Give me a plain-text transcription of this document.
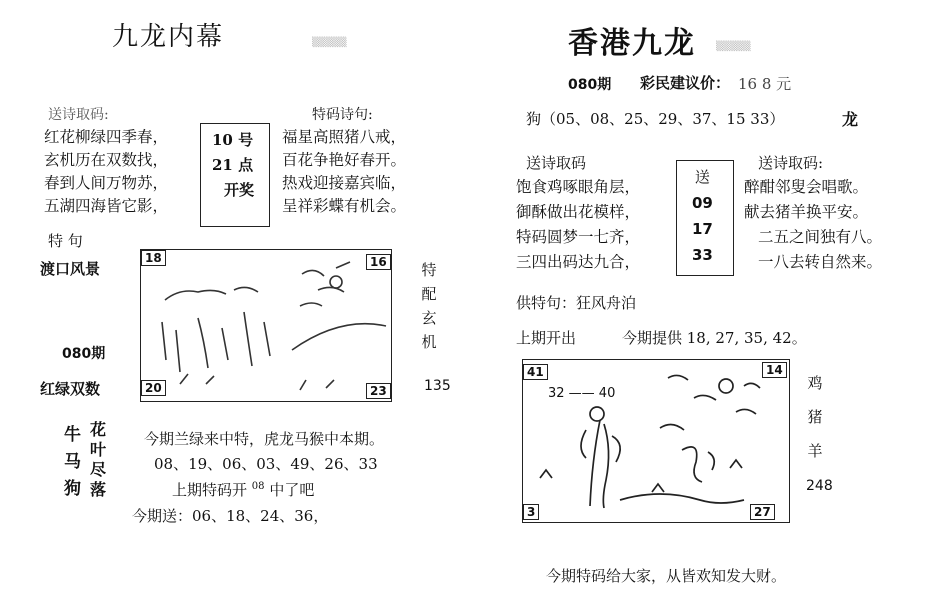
九龙内幕	▒▒▒▒▒
送诗取码:	特码诗句:
红花柳绿四季春，
玄机历在双数找，
春到人间万物苏，
五湖四海皆它影，
10 号
21 点
开奖
福星高照猪八戒，
百花争艳好春开。
热戏迎接嘉宾临，
呈祥彩蝶有机会。
特 句
渡口风景
080期
红绿双数
18	16
20	23
特
配
玄
机
135
牛
马
狗
花
叶
尽
落
今期兰绿来中特，虎龙马猴中本期。
08、19、06、03、49、26、33
上期特码开 $^{08}$ 中了吧
今期送：06、18、24、36，
香港九龙 ▒▒▒▒▒
080期 彩民建议价： 16 8 元
狗（05、08、25、29、37、15 33）	龙
送诗取码	送诗取码:
饱食鸡啄眼角层，
御酥做出花模样，
特码圆梦一七齐，
三四出码达九合，
送
09
17
33
醉酣邻叟会唱歌。
献去猪羊换平安。
二五之间独有八。
一八去转自然来。
供特句：狂风舟泊
上期开出	今期提供 18, 27, 35, 42。
32 —— 40
41	14
3	27
鸡
猪
羊
248
今期特码给大家，从皆欢知发大财。
